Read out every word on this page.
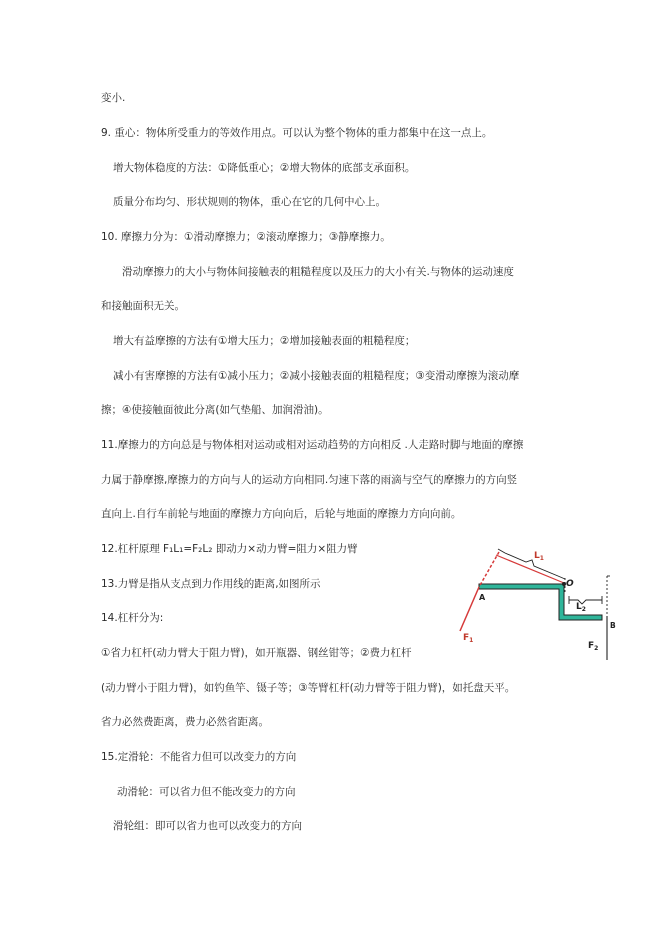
变小.
9. 重心：物体所受重力的等效作用点。可以认为整个物体的重力都集中在这一点上。
增大物体稳度的方法：①降低重心；②增大物体的底部支承面积。
质量分布均匀、形状规则的物体，重心在它的几何中心上。
10. 摩擦力分为：①滑动摩擦力；②滚动摩擦力；③静摩擦力。
滑动摩擦力的大小与物体间接触表的粗糙程度以及压力的大小有关.与物体的运动速度
和接触面积无关。
增大有益摩擦的方法有①增大压力；②增加接触表面的粗糙程度；
减小有害摩擦的方法有①减小压力；②减小接触表面的粗糙程度；③变滑动摩擦为滚动摩
擦；④使接触面彼此分离(如气垫船、加润滑油)。
11.摩擦力的方向总是与物体相对运动或相对运动趋势的方向相反 .人走路时脚与地面的摩擦
力属于静摩擦,摩擦力的方向与人的运动方向相同.匀速下落的雨滴与空气的摩擦力的方向竖
直向上.自行车前轮与地面的摩擦力方向向后，后轮与地面的摩擦力方向向前。
12.杠杆原理 F₁L₁=F₂L₂ 即动力×动力臂=阻力×阻力臂
13.力臂是指从支点到力作用线的距离,如图所示
14.杠杆分为:
①省力杠杆(动力臂大于阻力臂)，如开瓶器、钢丝钳等；②费力杠杆
(动力臂小于阻力臂)，如钓鱼竿、镊子等；③等臂杠杆(动力臂等于阻力臂)，如托盘天平。
省力必然费距离，费力必然省距离。
15.定滑轮：不能省力但可以改变力的方向
动滑轮：可以省力但不能改变力的方向
滑轮组：即可以省力也可以改变力的方向
$L_1$
O
A
$L_2$
B
$F_1$
$F_2$
